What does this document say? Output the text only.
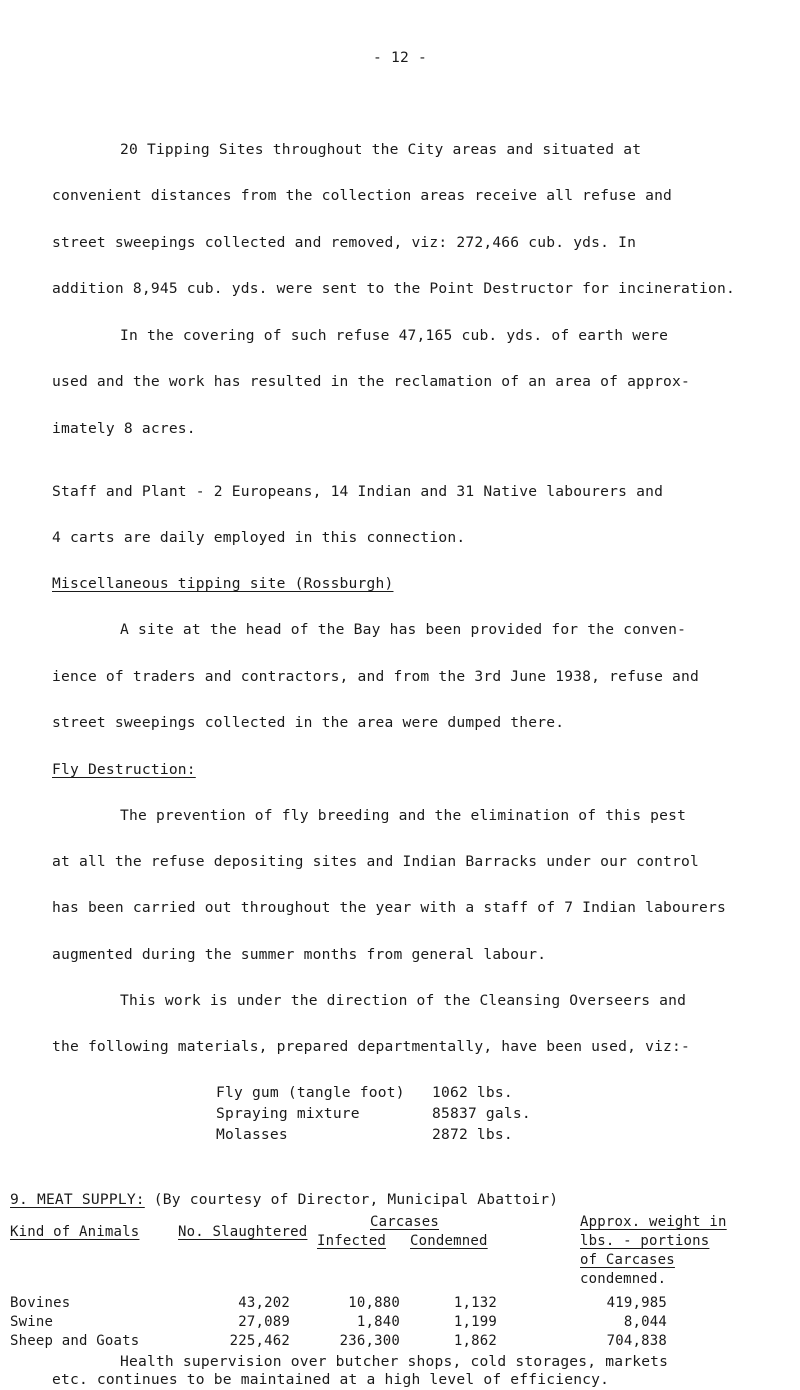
- 12 -
20 Tipping Sites throughout the City areas and situated at
convenient distances from the collection areas receive all refuse and
street sweepings collected and removed, viz: 272,466 cub. yds. In
addition 8,945 cub. yds. were sent to the Point Destructor for incineration.
In the covering of such refuse 47,165 cub. yds. of earth were
used and the work has resulted in the reclamation of an area of approx-
imately 8 acres.
Staff and Plant - 2 Europeans, 14 Indian and 31 Native labourers and
4 carts are daily employed in this connection.
Miscellaneous tipping site (Rossburgh)
A site at the head of the Bay has been provided for the conven-
ience of traders and contractors, and from the 3rd June 1938, refuse and
street sweepings collected in the area were dumped there.
Fly Destruction:
The prevention of fly breeding and the elimination of this pest
at all the refuse depositing sites and Indian Barracks under our control
has been carried out throughout the year with a staff of 7 Indian labourers
augmented during the summer months from general labour.
This work is under the direction of the Cleansing Overseers and
the following materials, prepared departmentally, have been used, viz:-
Fly gum (tangle foot) 1062 lbs.
Spraying mixture	85837 gals.
Molasses	2872 lbs.
9. MEAT SUPPLY: (By courtesy of Director, Municipal Abattoir)
Kind of Animals	No. Slaughtered
Carcases
Infected Condemned
Approx. weight in
lbs. - portions
of Carcases
condemned.
Bovines	43,202	10,880	1,132	419,985
Swine	27,089	1,840	1,199	8,044
Sheep and Goats	225,462	236,300	1,862	704,838
Health supervision over butcher shops, cold storages, markets
etc. continues to be maintained at a high level of efficiency.
